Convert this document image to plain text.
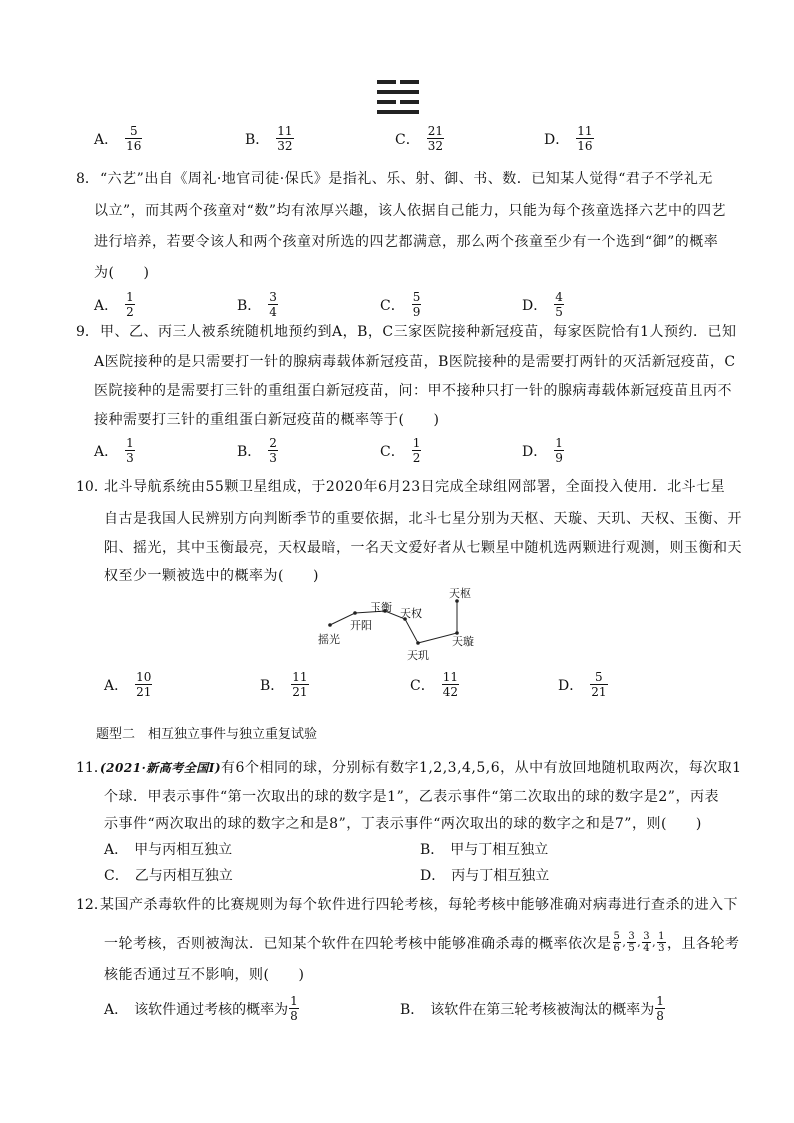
A． $\frac{5}{16}$	B． $\frac{11}{32}$	C． $\frac{21}{32}$	D． $\frac{11}{16}$
8． “六艺”出自《周礼·地官司徒·保氏》是指礼、乐、射、御、书、数．已知某人觉得“君子不学礼无
以立”，而其两个孩童对“数”均有浓厚兴趣，该人依据自己能力，只能为每个孩童选择六艺中的四艺
进行培养，若要令该人和两个孩童对所选的四艺都满意，那么两个孩童至少有一个选到“御”的概率
为(　　)
A． $\frac{1}{2}$	B． $\frac{3}{4}$	C． $\frac{5}{9}$	D． $\frac{4}{5}$
9． 甲、乙、丙三人被系统随机地预约到A，B，C三家医院接种新冠疫苗，每家医院恰有1人预约．已知
A医院接种的是只需要打一针的腺病毒载体新冠疫苗，B医院接种的是需要打两针的灭活新冠疫苗，C
医院接种的是需要打三针的重组蛋白新冠疫苗，问：甲不接种只打一针的腺病毒载体新冠疫苗且丙不
接种需要打三针的重组蛋白新冠疫苗的概率等于(　　)
A． $\frac{1}{3}$	B． $\frac{2}{3}$	C． $\frac{1}{2}$	D． $\frac{1}{9}$
10．
北斗导航系统由55颗卫星组成，于2020年6月23日完成全球组网部署，全面投入使用．北斗七星
自古是我国人民辨别方向判断季节的重要依据，北斗七星分别为天枢、天璇、天玑、天权、玉衡、开
阳、摇光，其中玉衡最亮，天权最暗，一名天文爱好者从七颗星中随机选两颗进行观测，则玉衡和天
权至少一颗被选中的概率为(　　)
天枢
玉衡
开阳
天权
摇光	天璇
天玑
A． $\frac{10}{21}$	B． $\frac{11}{21}$	C． $\frac{11}{42}$	D． $\frac{5}{21}$
题型二　相互独立事件与独立重复试验
11．
(2021·新高考全国Ⅰ)有6个相同的球，分别标有数字1,2,3,4,5,6，从中有放回地随机取两次，每次取1
个球．甲表示事件“第一次取出的球的数字是1”，乙表示事件“第二次取出的球的数字是2”，丙表
示事件“两次取出的球的数字之和是8”，丁表示事件“两次取出的球的数字之和是7”，则(　　)
A． 甲与丙相互独立	B． 甲与丁相互独立
C． 乙与丙相互独立	D． 丙与丁相互独立
12．
某国产杀毒软件的比赛规则为每个软件进行四轮考核，每轮考核中能够准确对病毒进行查杀的进入下
一轮考核，否则被淘汰．已知某个软件在四轮考核中能够准确杀毒的概率依次是 $\frac{5}{6}$ , $\frac{3}{5}$ , $\frac{3}{4}$ , $\frac{1}{3}$ ，且各轮考
核能否通过互不影响，则(　　)
A． 该软件通过考核的概率为 $\frac{1}{8}$	B． 该软件在第三轮考核被淘汰的概率为 $\frac{1}{8}$
